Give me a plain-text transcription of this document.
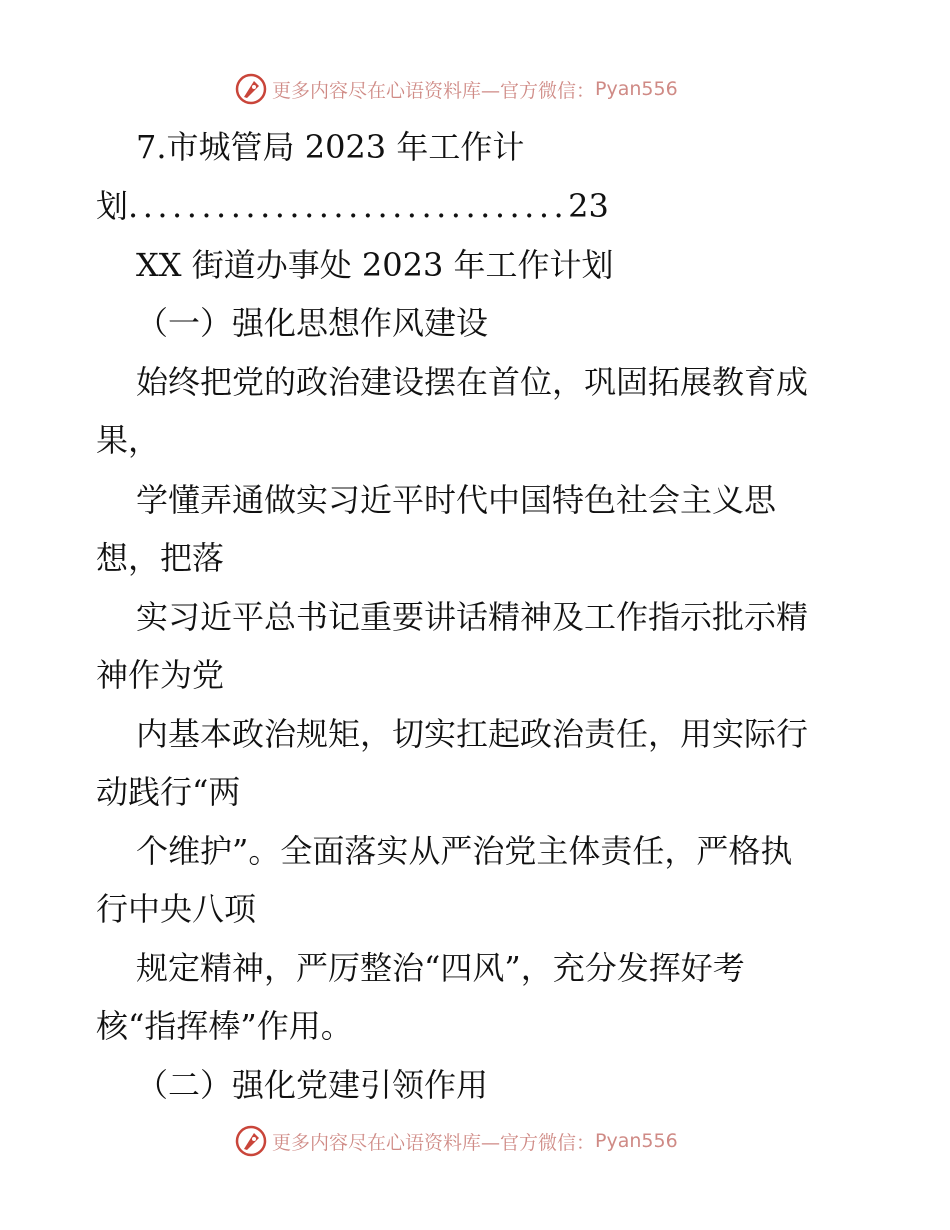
更多内容尽在心语资料库—官方微信： Pyan556

7.市城管局 2023 年工作计

划..............................23

XX 街道办事处 2023 年工作计划

（一）强化思想作风建设

始终把党的政治建设摆在首位，巩固拓展教育成

果，

学懂弄通做实习近平时代中国特色社会主义思

想，把落

实习近平总书记重要讲话精神及工作指示批示精

神作为党

内基本政治规矩，切实扛起政治责任，用实际行

动践行“两

个维护”。全面落实从严治党主体责任，严格执

行中央八项

规定精神，严厉整治“四风”，充分发挥好考

核“指挥棒”作用。

（二）强化党建引领作用

更多内容尽在心语资料库—官方微信： Pyan556
